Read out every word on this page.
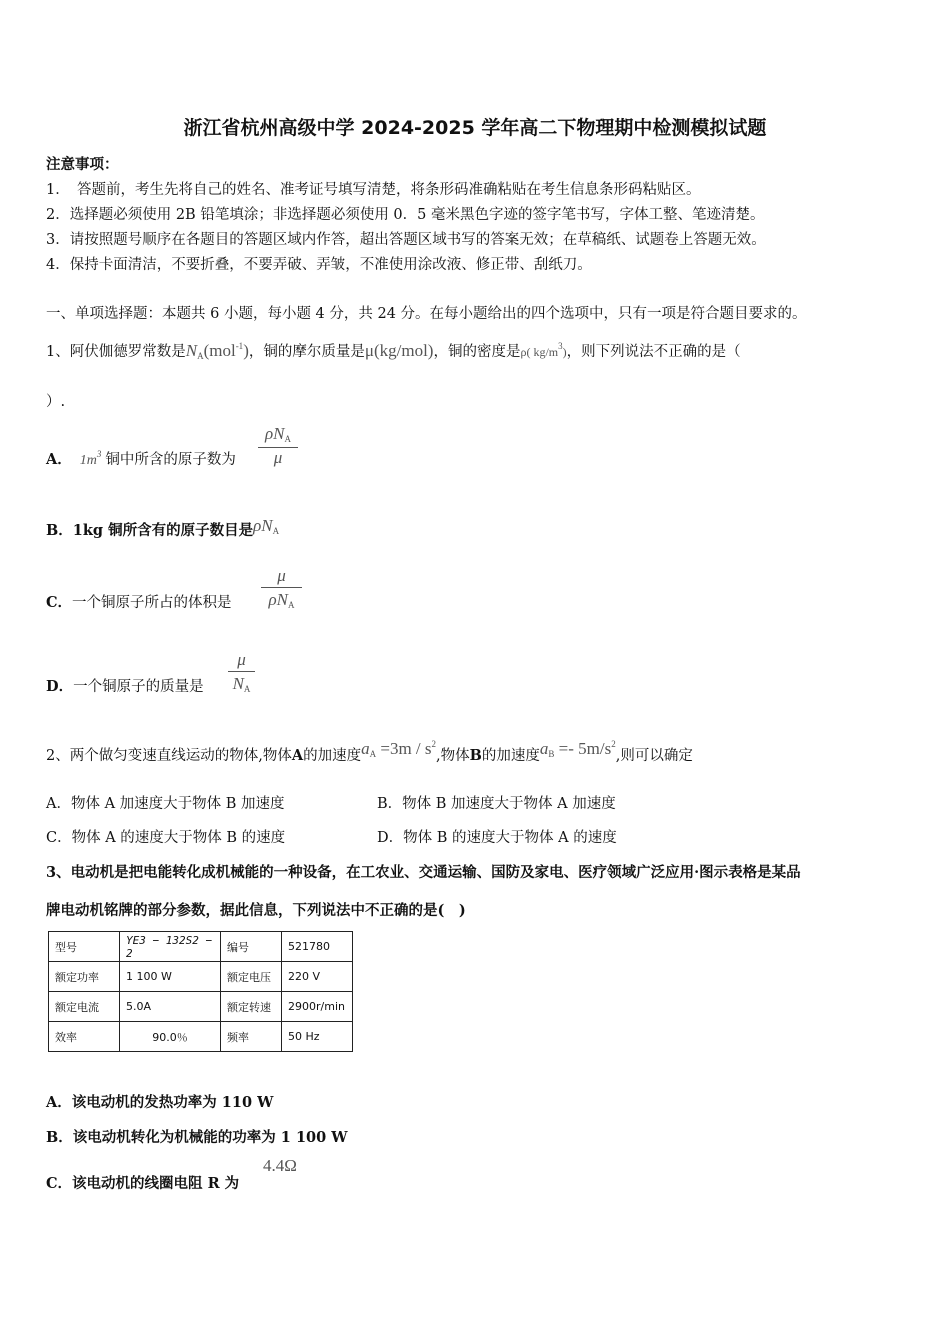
浙江省杭州高级中学 2024-2025 学年高二下物理期中检测模拟试题
注意事项：
1．　答题前，考生先将自己的姓名、准考证号填写清楚，将条形码准确粘贴在考生信息条形码粘贴区。
2．选择题必须使用 2B 铅笔填涂；非选择题必须使用 0．5 毫米黑色字迹的签字笔书写，字体工整、笔迹清楚。
3．请按照题号顺序在各题目的答题区域内作答，超出答题区域书写的答案无效；在草稿纸、试题卷上答题无效。
4．保持卡面清洁，不要折叠，不要弄破、弄皱，不准使用涂改液、修正带、刮纸刀。
一、单项选择题：本题共 6 小题，每小题 4 分，共 24 分。在每小题给出的四个选项中，只有一项是符合题目要求的。
1、阿伏伽德罗常数是$N_A(mol^{-1})$，铜的摩尔质量是μ(kg/mol)，铜的密度是ρ( $kg/m^3$)，则下列说法不正确的是（
）.
A． $1m^3$ 铜中所含的原子数为
$\rho N_A$
μ
B．1kg 铜所含有的原子数目是$\rho N_A$
C．一个铜原子所占的体积是
μ
$\rho N_A$
D．一个铜原子的质量是
μ
$N_A$
2、两个做匀变速直线运动的物体,物体A的加速度$a_A =3m / s^2$,物体B的加速度$a_B =- 5m/s^2$,则可以确定
A．物体 A 加速度大于物体 B 加速度	B．物体 B 加速度大于物体 A 加速度
C．物体 A 的速度大于物体 B 的速度	D．物体 B 的速度大于物体 A 的速度
3、电动机是把电能转化成机械能的一种设备，在工农业、交通运输、国防及家电、医疗领域广泛应用·图示表格是某品
牌电动机铭牌的部分参数，据此信息，下列说法中不正确的是(　)
型号	YE3 − 132S2 − 2	编号	521780
额定功率	1 100 W	额定电压	220 V
额定电流	5.0A	额定转速	2900r/min
效率	90.0％	频率	50 Hz
A．该电动机的发热功率为 110 W
B．该电动机转化为机械能的功率为 1 100 W
C．该电动机的线圈电阻 R 为
4.4Ω
